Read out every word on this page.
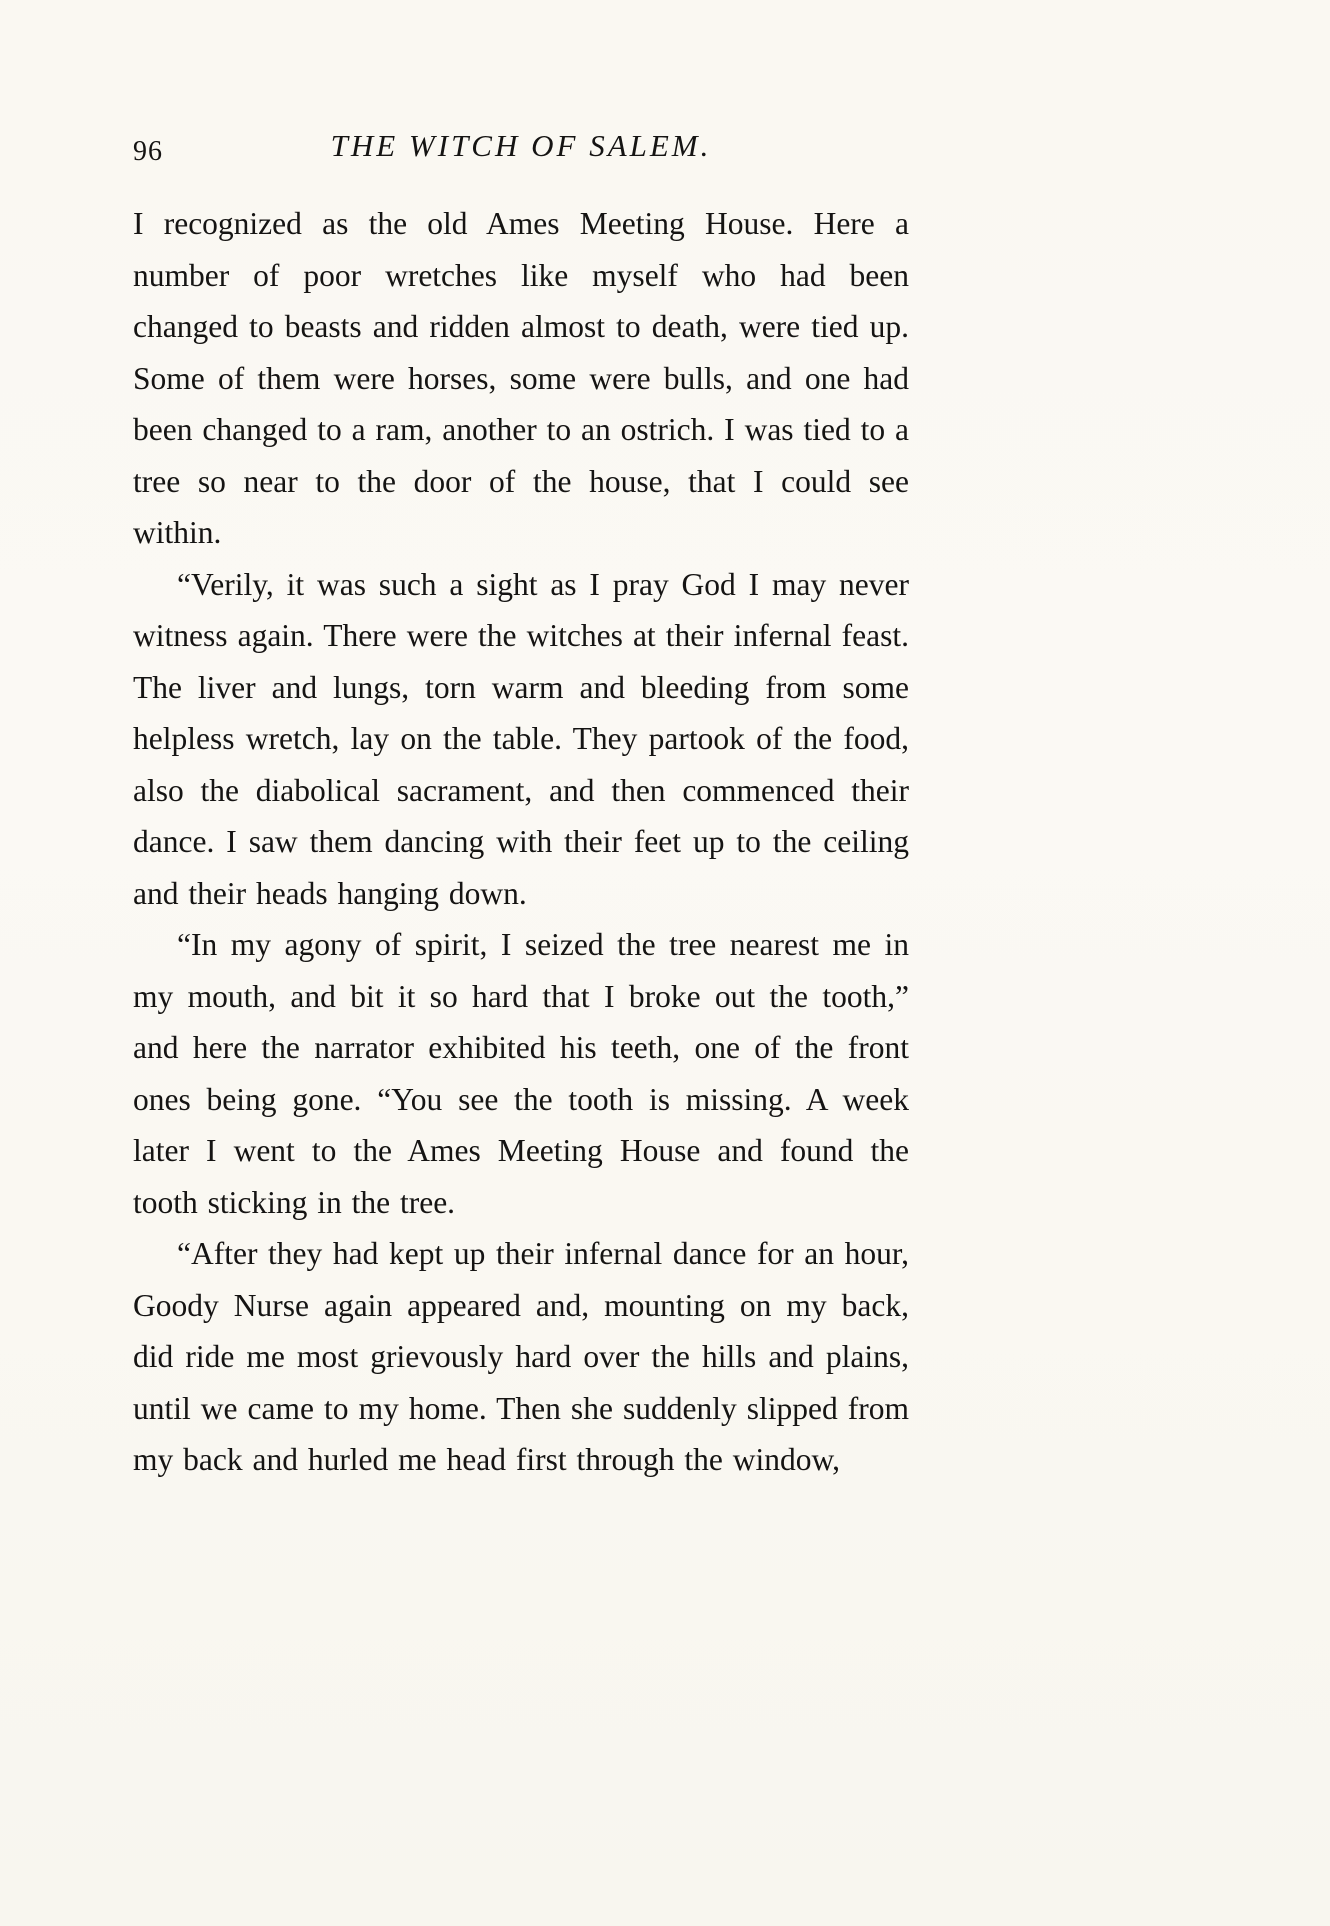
96	THE WITCH OF SALEM.

I recognized as the old Ames Meeting House. Here a number of poor wretches like myself who had been changed to beasts and ridden almost to death, were tied up. Some of them were horses, some were bulls, and one had been changed to a ram, another to an ostrich. I was tied to a tree so near to the door of the house, that I could see within.

“Verily, it was such a sight as I pray God I may never witness again. There were the witches at their infernal feast. The liver and lungs, torn warm and bleeding from some helpless wretch, lay on the table. They partook of the food, also the diabolical sacrament, and then commenced their dance. I saw them dancing with their feet up to the ceiling and their heads hanging down.

“In my agony of spirit, I seized the tree nearest me in my mouth, and bit it so hard that I broke out the tooth,” and here the narrator exhibited his teeth, one of the front ones being gone. “You see the tooth is missing. A week later I went to the Ames Meeting House and found the tooth sticking in the tree.

“After they had kept up their infernal dance for an hour, Goody Nurse again appeared and, mounting on my back, did ride me most grievously hard over the hills and plains, until we came to my home. Then she suddenly slipped from my back and hurled me head first through the window,
